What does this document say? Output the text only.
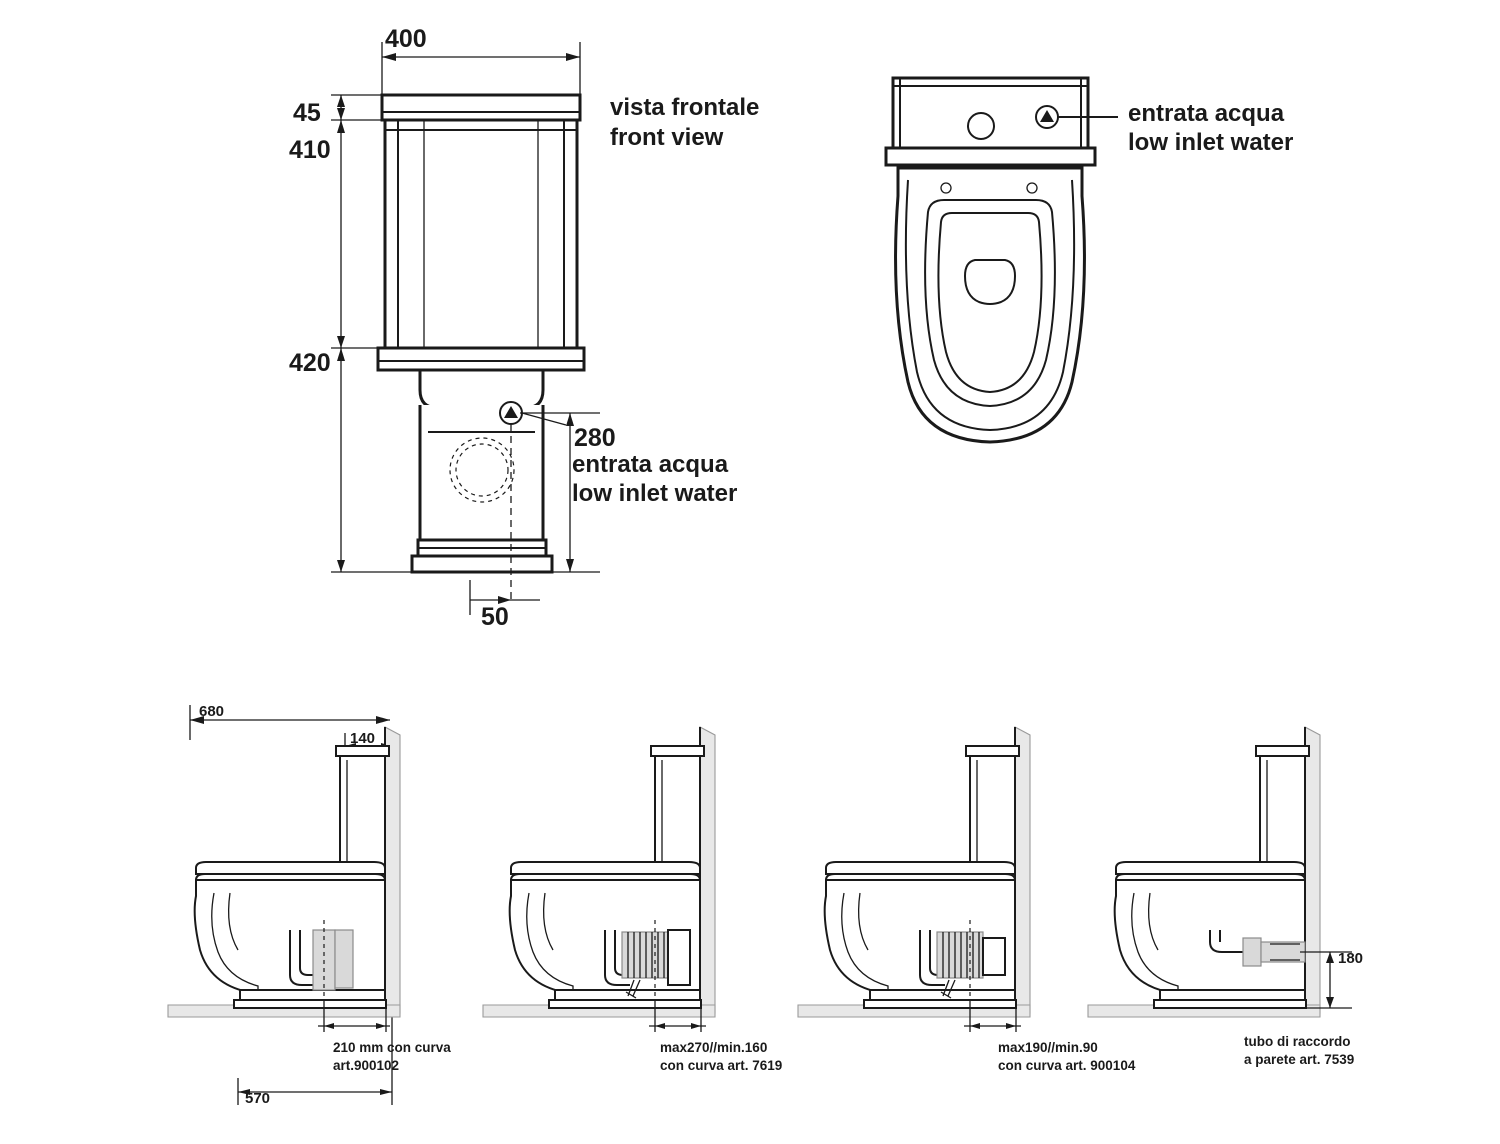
400
45
410
420
280
50
vista frontale
front view
entrata acqua
low inlet water
entrata acqua
low inlet water
680
140
570
180
210 mm con curva
art.900102
max270//min.160
con curva art. 7619
max190//min.90
con curva art. 900104
tubo di raccordo
a parete art. 7539
